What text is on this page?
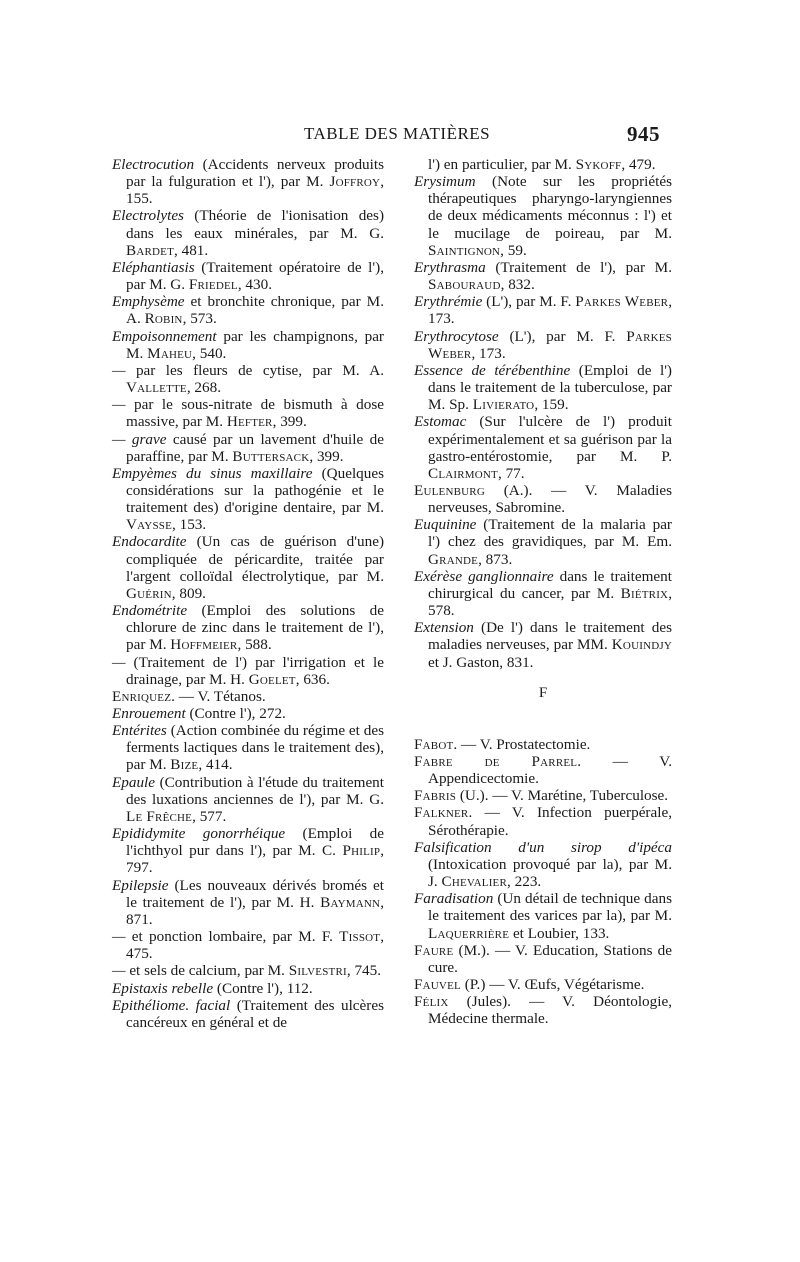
TABLE DES MATIÈRES	945

Electrocution (Accidents nerveux produits par la fulguration et l'), par M. Joffroy, 155.

Electrolytes (Théorie de l'ionisation des) dans les eaux minérales, par M. G. Bardet, 481.

Eléphantiasis (Traitement opératoire de l'), par M. G. Friedel, 430.

Emphysème et bronchite chronique, par M. A. Robin, 573.

Empoisonnement par les champignons, par M. Maheu, 540.

— par les fleurs de cytise, par M. A. Vallette, 268.

— par le sous-nitrate de bismuth à dose massive, par M. Hefter, 399.

— grave causé par un lavement d'huile de paraffine, par M. Buttersack, 399.

Empyèmes du sinus maxillaire (Quelques considérations sur la pathogénie et le traitement des) d'origine dentaire, par M. Vaysse, 153.

Endocardite (Un cas de guérison d'une) compliquée de péricardite, traitée par l'argent colloïdal électrolytique, par M. Guérin, 809.

Endométrite (Emploi des solutions de chlorure de zinc dans le traitement de l'), par M. Hoffmeier, 588.

— (Traitement de l') par l'irrigation et le drainage, par M. H. Goelet, 636.

Enriquez. — V. Tétanos.

Enrouement (Contre l'), 272.

Entérites (Action combinée du régime et des ferments lactiques dans le traitement des), par M. Bize, 414.

Epaule (Contribution à l'étude du traitement des luxations anciennes de l'), par M. G. Le Frêche, 577.

Epididymite gonorrhéique (Emploi de l'ichthyol pur dans l'), par M. C. Philip, 797.

Epilepsie (Les nouveaux dérivés bromés et le traitement de l'), par M. H. Baymann, 871.

— et ponction lombaire, par M. F. Tissot, 475.

— et sels de calcium, par M. Silvestri, 745.

Epistaxis rebelle (Contre l'), 112.

Epithéliome. facial (Traitement des ulcères cancéreux en général et de

l') en particulier, par M. Sykoff, 479.

Erysimum (Note sur les propriétés thérapeutiques pharyngo-laryngiennes de deux médicaments méconnus : l') et le mucilage de poireau, par M. Saintignon, 59.

Erythrasma (Traitement de l'), par M. Sabouraud, 832.

Erythrémie (L'), par M. F. Parkes Weber, 173.

Erythrocytose (L'), par M. F. Parkes Weber, 173.

Essence de térébenthine (Emploi de l') dans le traitement de la tuberculose, par M. Sp. Livierato, 159.

Estomac (Sur l'ulcère de l') produit expérimentalement et sa guérison par la gastro-entérostomie, par M. P. Clairmont, 77.

Eulenburg (A.). — V. Maladies nerveuses, Sabromine.

Euquinine (Traitement de la malaria par l') chez des gravidiques, par M. Em. Grande, 873.

Exérèse ganglionnaire dans le traitement chirurgical du cancer, par M. Biétrix, 578.

Extension (De l') dans le traitement des maladies nerveuses, par MM. Kouindjy et J. Gaston, 831.

F

Fabot. — V. Prostatectomie.

Fabre de Parrel. — V. Appendicectomie.

Fabris (U.). — V. Marétine, Tuberculose.

Falkner. — V. Infection puerpérale, Sérothérapie.

Falsification d'un sirop d'ipéca (Intoxication provoqué par la), par M. J. Chevalier, 223.

Faradisation (Un détail de technique dans le traitement des varices par la), par M. Laquerrière et Loubier, 133.

Faure (M.). — V. Education, Stations de cure.

Fauvel (P.) — V. Œufs, Végétarisme.

Félix (Jules). — V. Déontologie, Médecine thermale.
